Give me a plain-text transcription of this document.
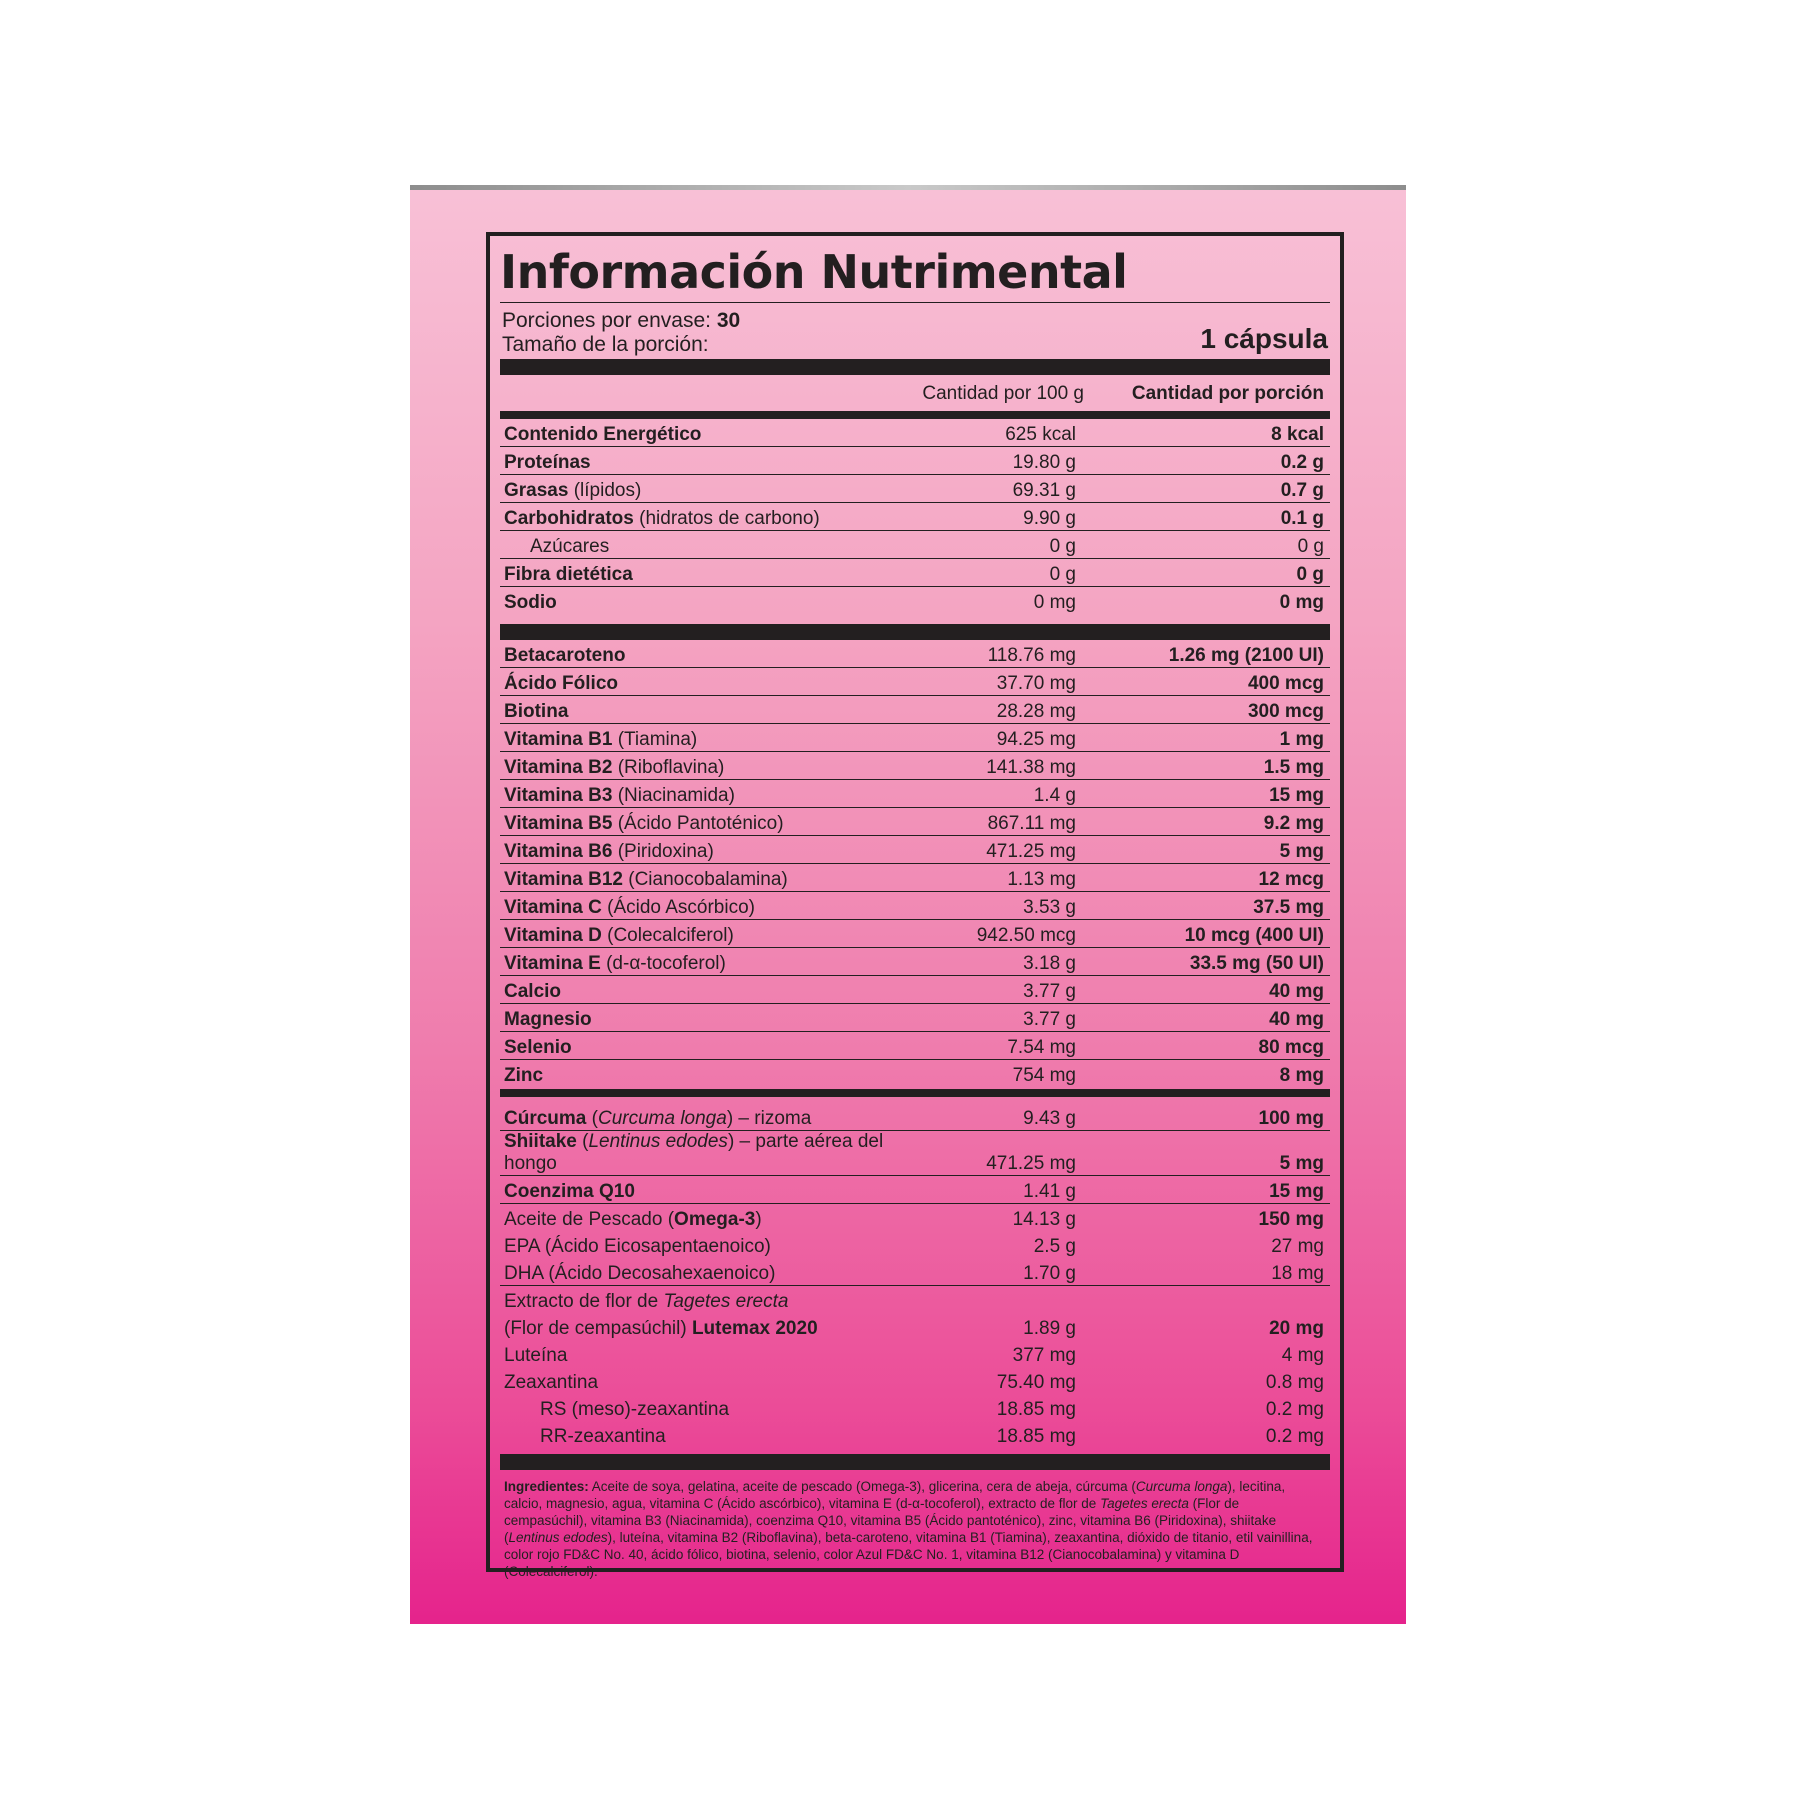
Información Nutrimental
Porciones por envase: 30
Tamaño de la porción:	1 cápsula
Cantidad por 100 g	Cantidad por porción
Contenido Energético	625 kcal	8 kcal
Proteínas	19.80 g	0.2 g
Grasas (lípidos)	69.31 g	0.7 g
Carbohidratos (hidratos de carbono)	9.90 g	0.1 g
Azúcares	0 g	0 g
Fibra dietética	0 g	0 g
Sodio	0 mg	0 mg
Betacaroteno	118.76 mg	1.26 mg (2100 UI)
Ácido Fólico	37.70 mg	400 mcg
Biotina	28.28 mg	300 mcg
Vitamina B1 (Tiamina)	94.25 mg	1 mg
Vitamina B2 (Riboflavina)	141.38 mg	1.5 mg
Vitamina B3 (Niacinamida)	1.4 g	15 mg
Vitamina B5 (Ácido Pantoténico)	867.11 mg	9.2 mg
Vitamina B6 (Piridoxina)	471.25 mg	5 mg
Vitamina B12 (Cianocobalamina)	1.13 mg	12 mcg
Vitamina C (Ácido Ascórbico)	3.53 g	37.5 mg
Vitamina D (Colecalciferol)	942.50 mcg	10 mcg (400 UI)
Vitamina E (d-α-tocoferol)	3.18 g	33.5 mg (50 UI)
Calcio	3.77 g	40 mg
Magnesio	3.77 g	40 mg
Selenio	7.54 mg	80 mcg
Zinc	754 mg	8 mg
Cúrcuma (Curcuma longa) – rizoma	9.43 g	100 mg
Shiitake (Lentinus edodes) – parte aérea del hongo	471.25 mg	5 mg
Coenzima Q10	1.41 g	15 mg
Aceite de Pescado (Omega-3)	14.13 g	150 mg
EPA (Ácido Eicosapentaenoico)	2.5 g	27 mg
DHA (Ácido Decosahexaenoico)	1.70 g	18 mg
Extracto de flor de Tagetes erecta		
(Flor de cempasúchil) Lutemax 2020	1.89 g	20 mg
Luteína	377 mg	4 mg
Zeaxantina	75.40 mg	0.8 mg
RS (meso)-zeaxantina	18.85 mg	0.2 mg
RR-zeaxantina	18.85 mg	0.2 mg
Ingredientes: Aceite de soya, gelatina, aceite de pescado (Omega-3), glicerina, cera de abeja, cúrcuma (Curcuma longa), lecitina, calcio, magnesio, agua, vitamina C (Ácido ascórbico), vitamina E (d-α-tocoferol), extracto de flor de Tagetes erecta (Flor de cempasúchil), vitamina B3 (Niacinamida), coenzima Q10, vitamina B5 (Ácido pantoténico), zinc, vitamina B6 (Piridoxina), shiitake (Lentinus edodes), luteína, vitamina B2 (Riboflavina), beta-caroteno, vitamina B1 (Tiamina), zeaxantina, dióxido de titanio, etil vainillina, color rojo FD&C No. 40, ácido fólico, biotina, selenio, color Azul FD&C No. 1, vitamina B12 (Cianocobalamina) y vitamina D (Colecalciferol).
